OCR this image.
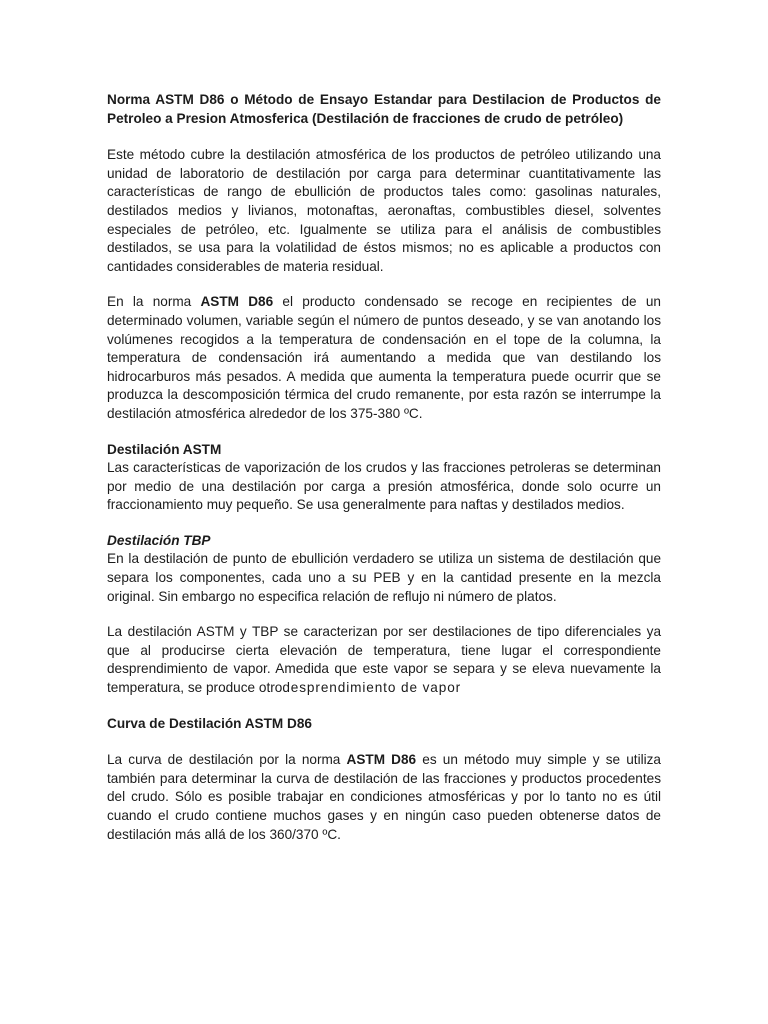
Norma ASTM D86 o Método de Ensayo Estandar para Destilacion de Productos de Petroleo a Presion Atmosferica (Destilación de fracciones de crudo de petróleo)

Este método cubre la destilación atmosférica de los productos de petróleo utilizando una unidad de laboratorio de destilación por carga para determinar cuantitativamente las características de rango de ebullición de productos tales como: gasolinas naturales, destilados medios y livianos, motonaftas, aeronaftas, combustibles diesel, solventes especiales de petróleo, etc. Igualmente se utiliza para el análisis de combustibles destilados, se usa para la volatilidad de éstos mismos; no es aplicable a productos con cantidades considerables de materia residual.

En la norma ASTM D86 el producto condensado se recoge en recipientes de un determinado volumen, variable según el número de puntos deseado, y se van anotando los volúmenes recogidos a la temperatura de condensación en el tope de la columna, la temperatura de condensación irá aumentando a medida que van destilando los hidrocarburos más pesados. A medida que aumenta la temperatura puede ocurrir que se produzca la descomposición térmica del crudo remanente, por esta razón se interrumpe la destilación atmosférica alrededor de los 375-380 ºC.

Destilación ASTM

Las características de vaporización de los crudos y las fracciones petroleras se determinan por medio de una destilación por carga a presión atmosférica, donde solo ocurre un fraccionamiento muy pequeño. Se usa generalmente para naftas y destilados medios.

Destilación TBP

En la destilación de punto de ebullición verdadero se utiliza un sistema de destilación que separa los componentes, cada uno a su PEB y en la cantidad presente en la mezcla original. Sin embargo no especifica relación de reflujo ni número de platos.

La destilación ASTM y TBP se caracterizan por ser destilaciones de tipo diferenciales ya que al producirse cierta elevación de temperatura, tiene lugar el correspondiente desprendimiento de vapor. Amedida que este vapor se separa y se eleva nuevamente la temperatura, se produce otrodesprendimiento de vapor

Curva de Destilación ASTM D86

La curva de destilación por la norma ASTM D86 es un método muy simple y se utiliza también para determinar la curva de destilación de las fracciones y productos procedentes del crudo. Sólo es posible trabajar en condiciones atmosféricas y por lo tanto no es útil cuando el crudo contiene muchos gases y en ningún caso pueden obtenerse datos de destilación más allá de los 360/370 ºC.
